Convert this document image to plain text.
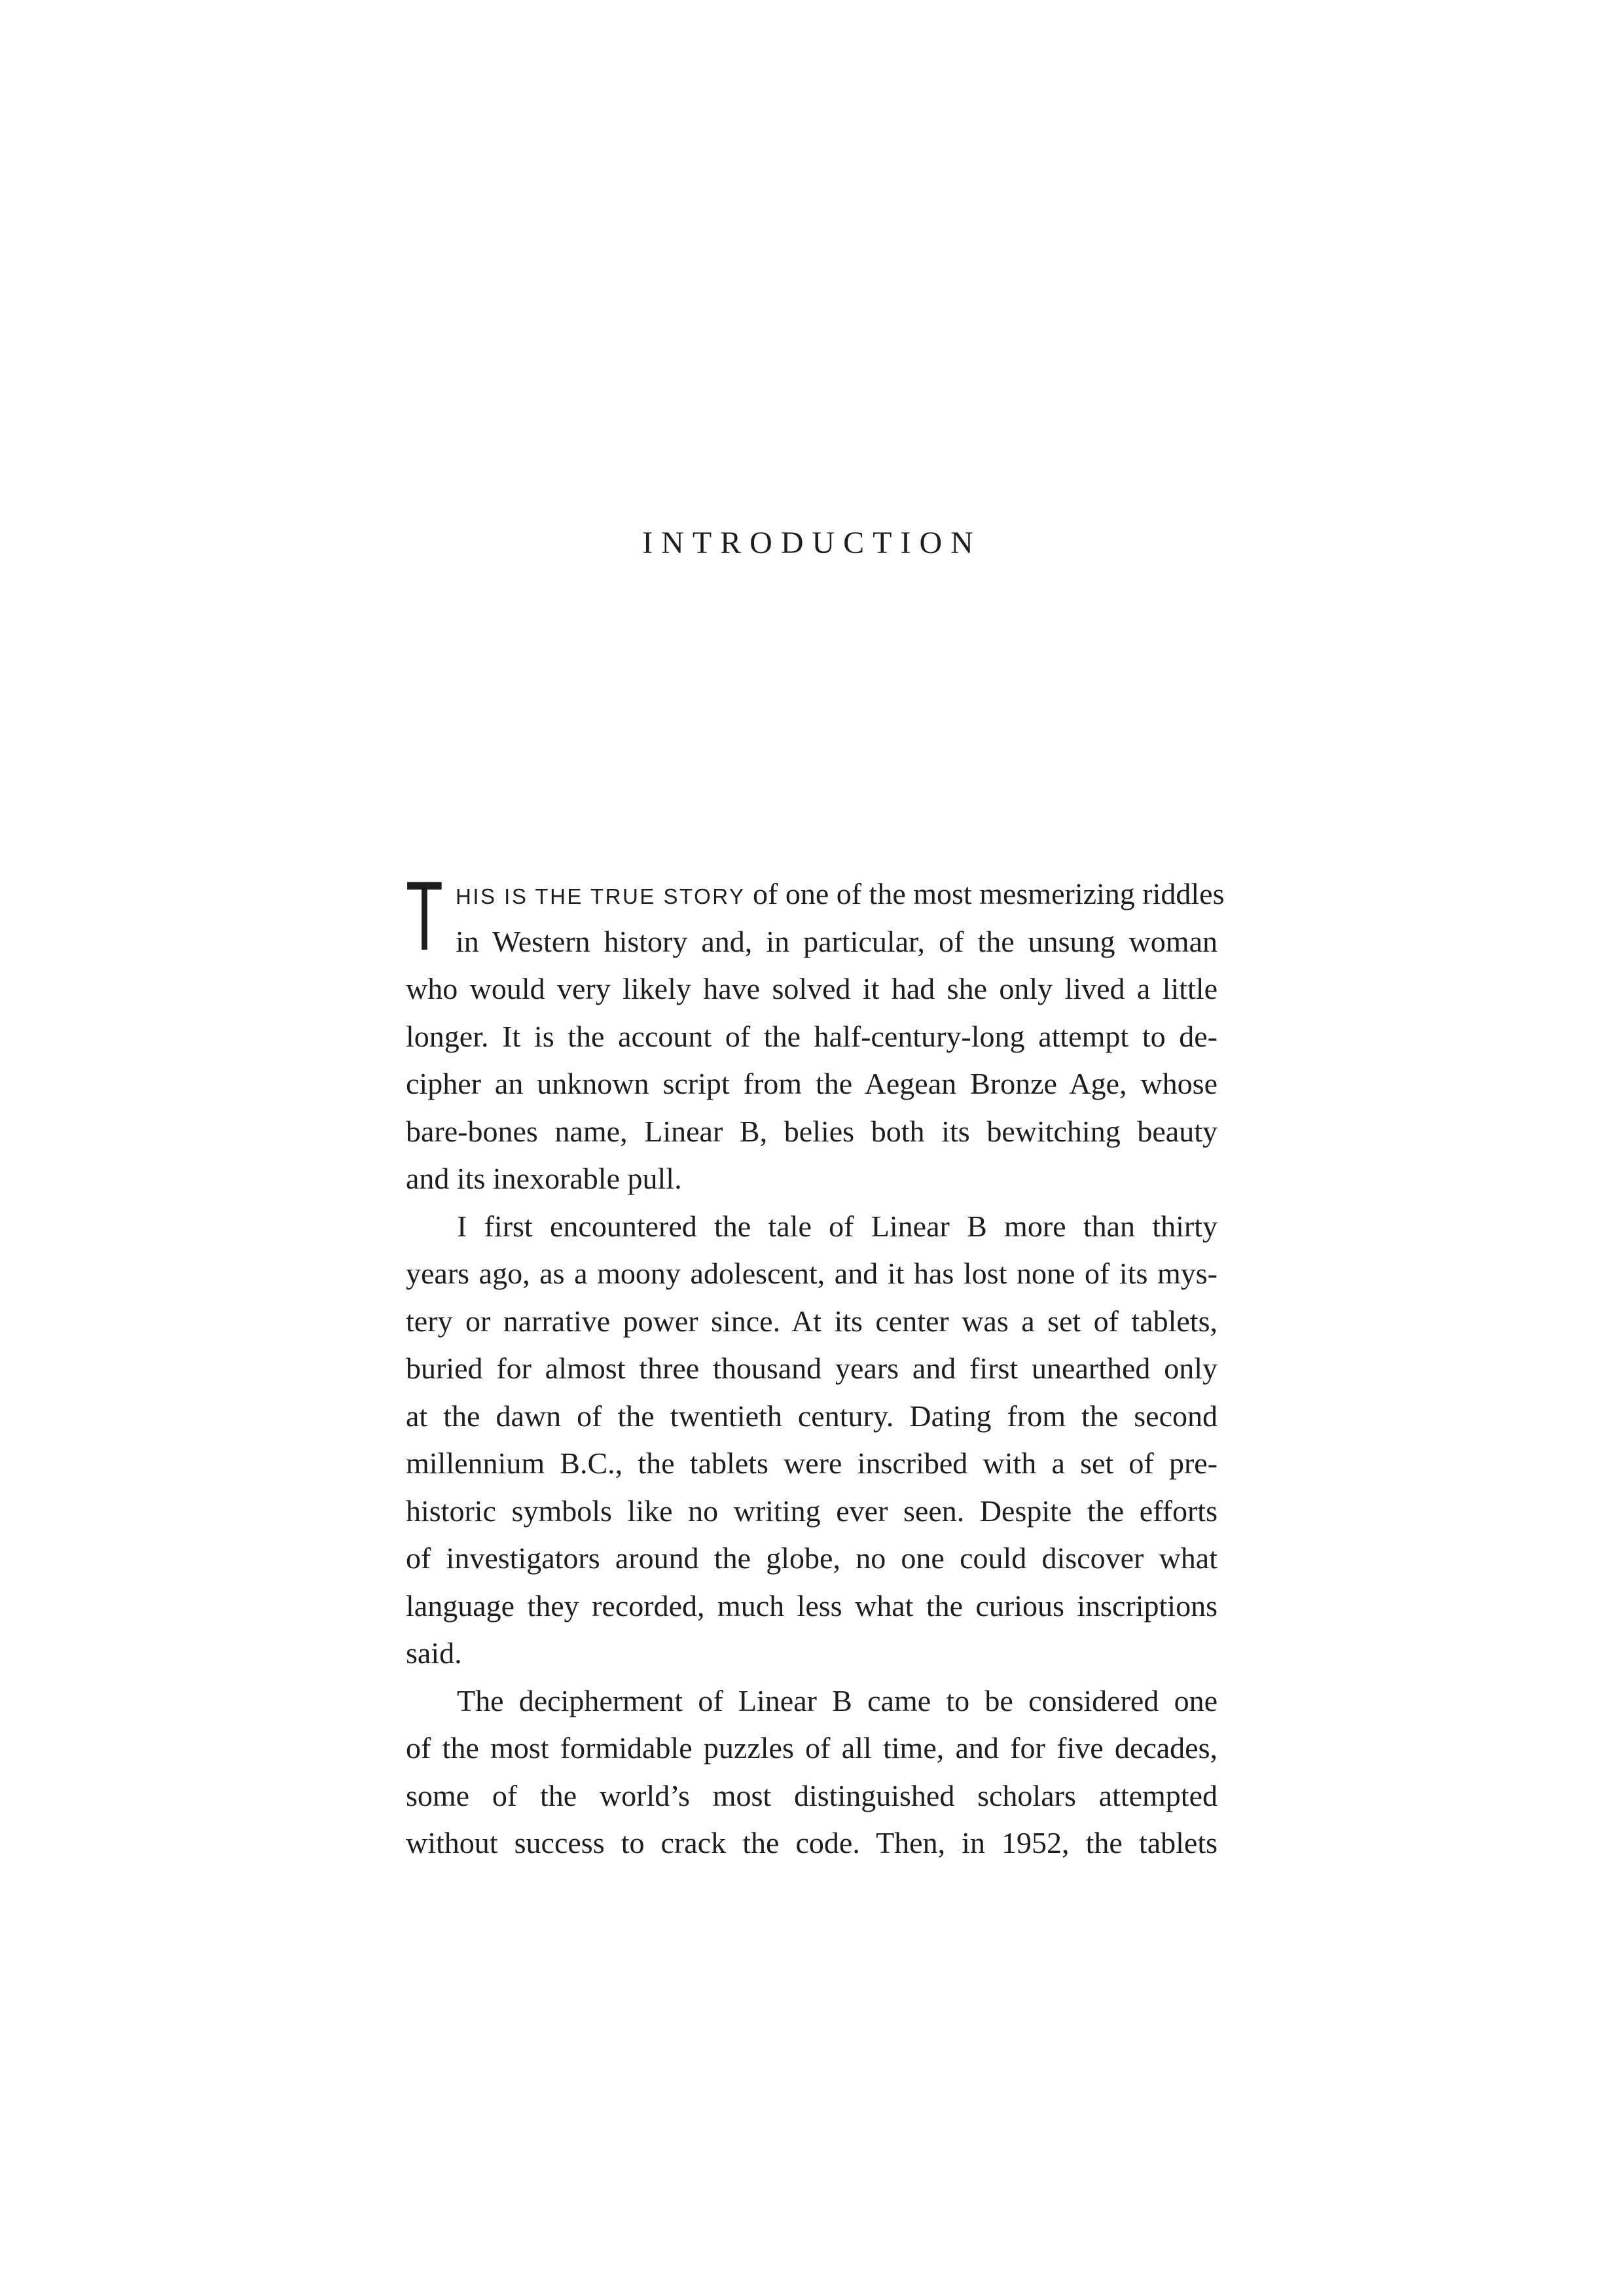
INTRODUCTION
T HIS IS THE TRUE STORY of one of the most mesmerizing riddles
in Western history and, in particular, of the unsung woman
who would very likely have solved it had she only lived a little
longer. It is the account of the half-century-long attempt to de-
cipher an unknown script from the Aegean Bronze Age, whose
bare-bones name, Linear B, belies both its bewitching beauty
and its inexorable pull.
I first encountered the tale of Linear B more than thirty
years ago, as a moony adolescent, and it has lost none of its mys-
tery or narrative power since. At its center was a set of tablets,
buried for almost three thousand years and first unearthed only
at the dawn of the twentieth century. Dating from the second
millennium B.C., the tablets were inscribed with a set of pre-
historic symbols like no writing ever seen. Despite the efforts
of investigators around the globe, no one could discover what
language they recorded, much less what the curious inscriptions
said.
The decipherment of Linear B came to be considered one
of the most formidable puzzles of all time, and for five decades,
some of the world’s most distinguished scholars attempted
without success to crack the code. Then, in 1952, the tablets
